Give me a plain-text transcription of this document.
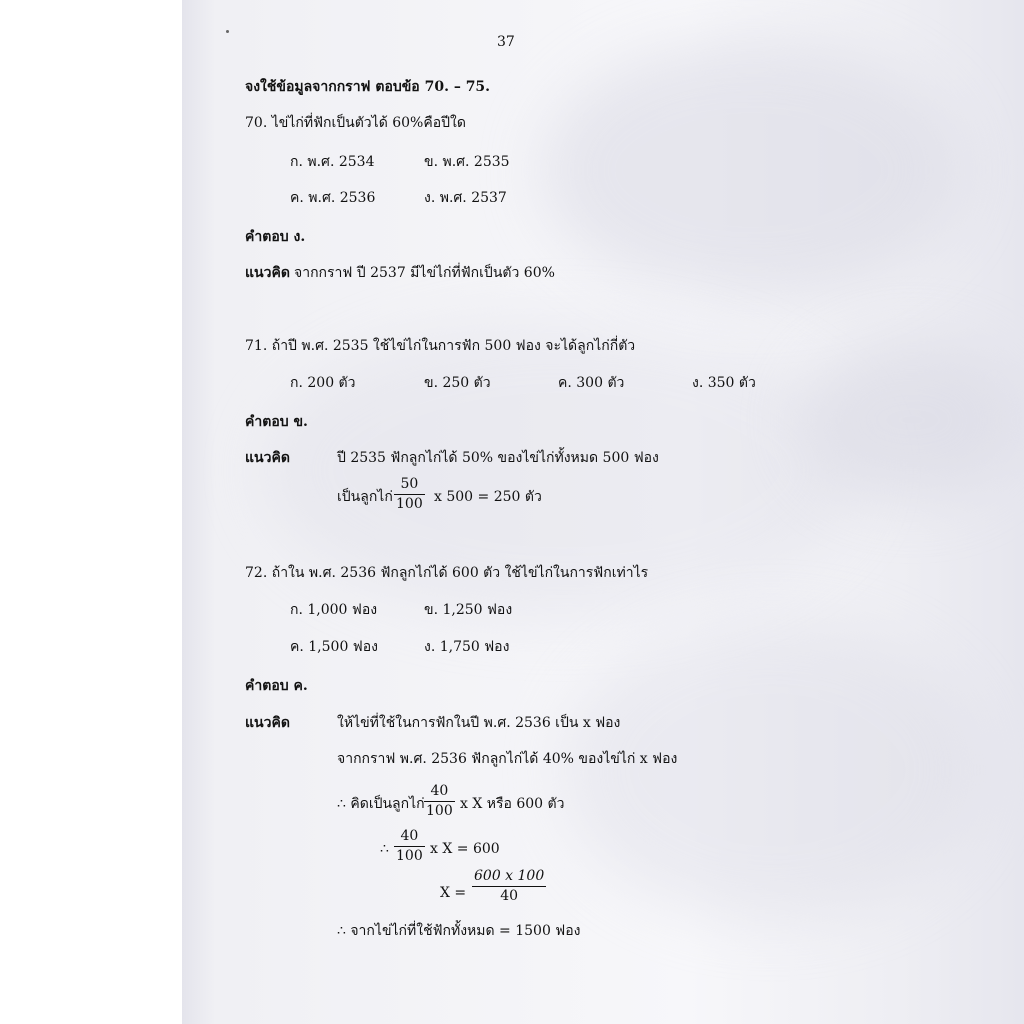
37
จงใช้ข้อมูลจากกราฟ ตอบข้อ 70. – 75.
70. ไข่ไก่ที่ฟักเป็นตัวได้ 60%คือปีใด
ก. พ.ศ. 2534	ข. พ.ศ. 2535
ค. พ.ศ. 2536	ง. พ.ศ. 2537
คำตอบ ง.
แนวคิด จากกราฟ ปี 2537 มีไข่ไก่ที่ฟักเป็นตัว 60%
71. ถ้าปี พ.ศ. 2535 ใช้ไข่ไก่ในการฟัก 500 ฟอง จะได้ลูกไก่กี่ตัว
ก. 200 ตัว	ข. 250 ตัว	ค. 300 ตัว	ง. 350 ตัว
คำตอบ ข.
แนวคิด	ปี 2535 ฟักลูกไก่ได้ 50% ของไข่ไก่ทั้งหมด 500 ฟอง
เป็นลูกไก่
50
100 x 500 = 250 ตัว
72. ถ้าใน พ.ศ. 2536 ฟักลูกไก่ได้ 600 ตัว ใช้ไข่ไก่ในการฟักเท่าไร
ก. 1,000 ฟอง	ข. 1,250 ฟอง
ค. 1,500 ฟอง	ง. 1,750 ฟอง
คำตอบ ค.
แนวคิด	ให้ไข่ที่ใช้ในการฟักในปี พ.ศ. 2536 เป็น x ฟอง
จากกราฟ พ.ศ. 2536 ฟักลูกไก่ได้ 40% ของไข่ไก่ x ฟอง
∴ คิดเป็นลูกไก่
40
100 x X หรือ 600 ตัว
∴
40
100 x X = 600
X =
600 x 100
40
∴ จากไข่ไก่ที่ใช้ฟักทั้งหมด = 1500 ฟอง
